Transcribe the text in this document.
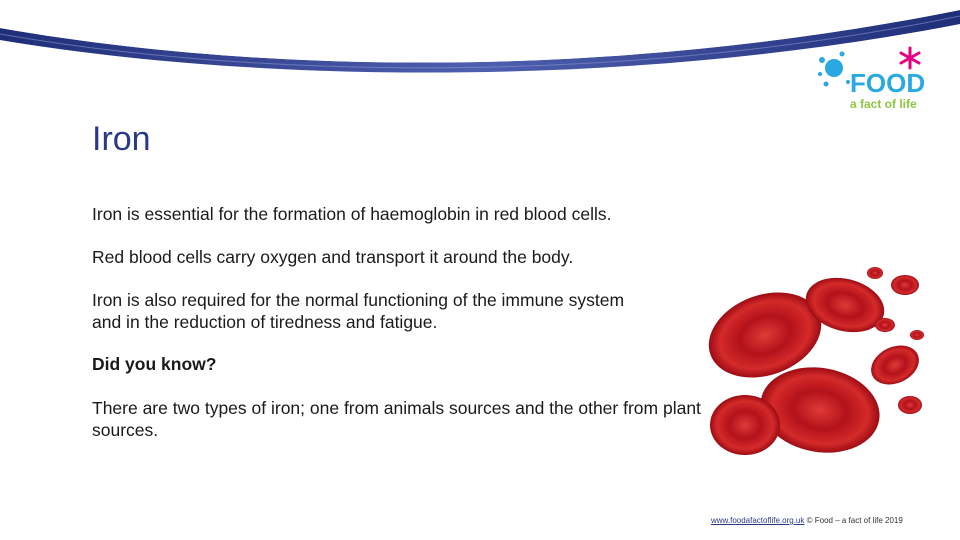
FOOD
a fact of life
Iron

Iron is essential for the formation of haemoglobin in red blood cells.

Red blood cells carry oxygen and transport it around the body.

Iron is also required for the normal functioning of the immune system and in the reduction of tiredness and fatigue.

Did you know?

There are two types of iron; one from animals sources and the other from plant sources.

www.foodafactoflife.org.uk © Food – a fact of life 2019
